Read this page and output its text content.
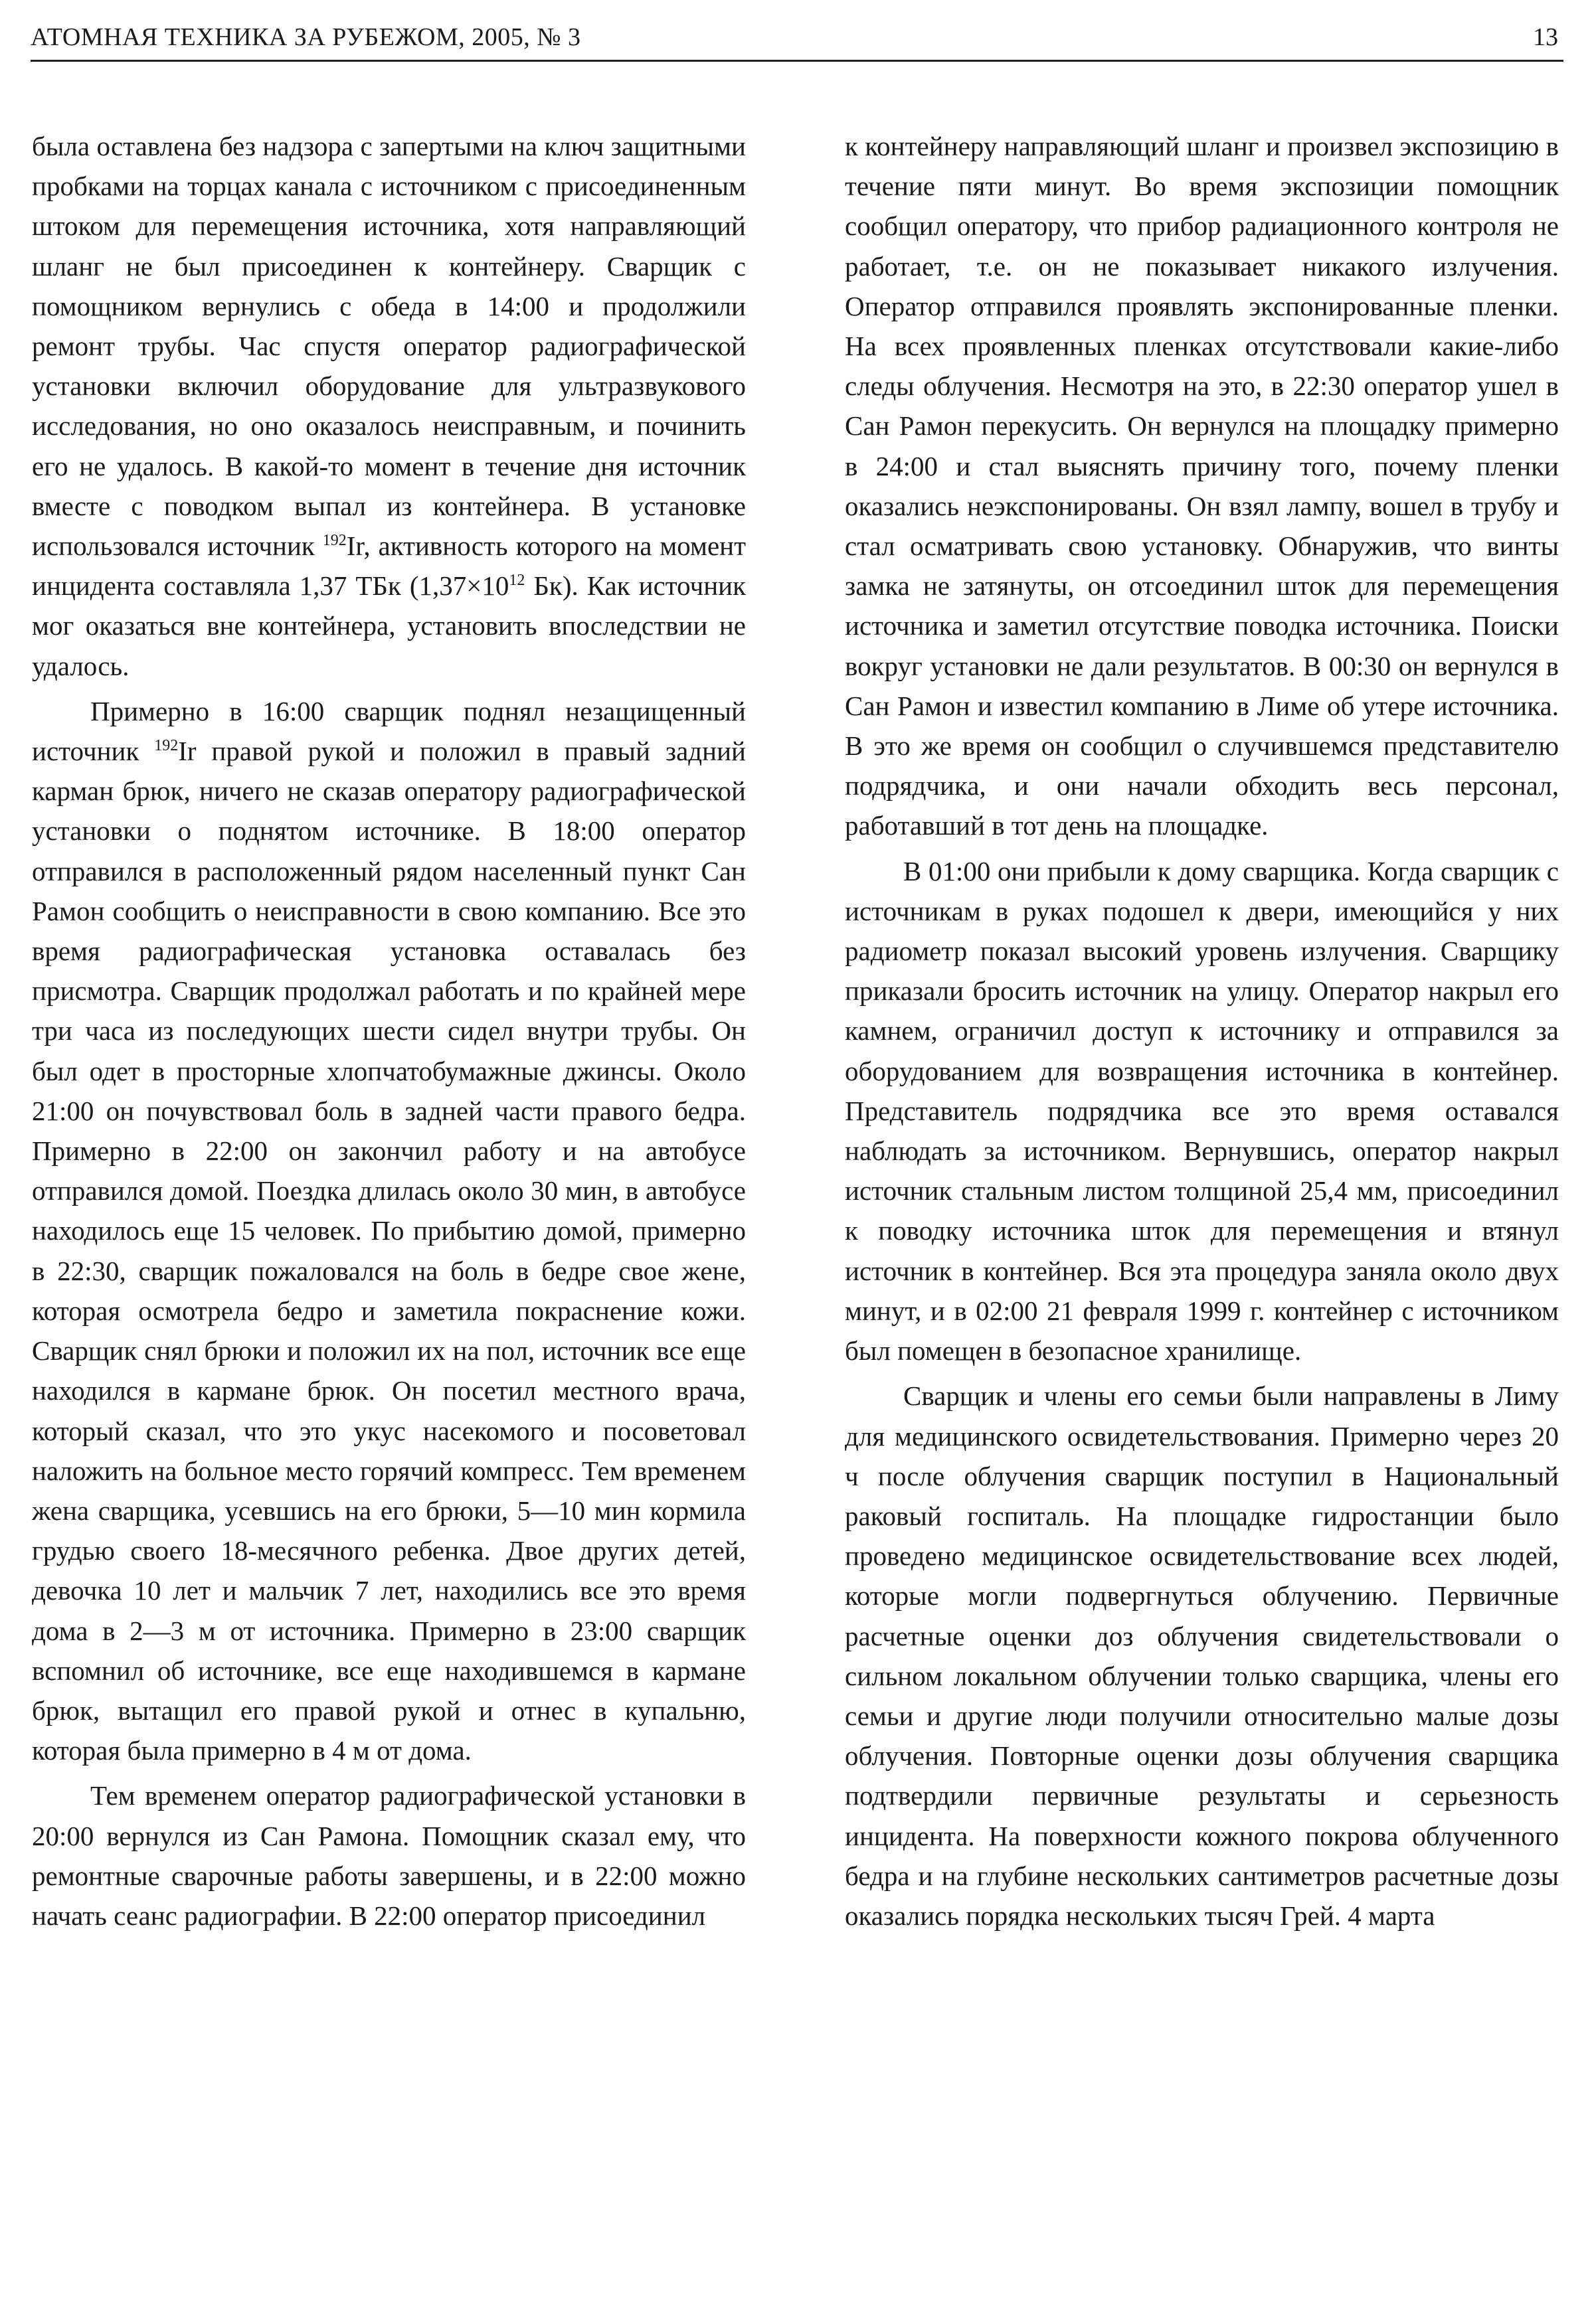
АТОМНАЯ ТЕХНИКА ЗА РУБЕЖОМ, 2005, № 3	13

была оставлена без надзора с запертыми на ключ защитными пробками на торцах канала с источником с присоединенным штоком для перемещения источника, хотя направляющий шланг не был присоединен к контейнеру. Сварщик с помощником вернулись с обеда в 14:00 и продолжили ремонт трубы. Час спустя оператор радиографической установки включил оборудование для ультразвукового исследования, но оно оказалось неисправным, и починить его не удалось. В какой-то момент в течение дня источник вместе с поводком выпал из контейнера. В установке использовался источник $^{192}$Ir, активность которого на момент инцидента составляла 1,37 ТБк ($1,37\times 10^{12}$ Бк). Как источник мог оказаться вне контейнера, установить впоследствии не удалось.

Примерно в 16:00 сварщик поднял незащищенный источник $^{192}$Ir правой рукой и положил в правый задний карман брюк, ничего не сказав оператору радиографической установки о поднятом источнике. В 18:00 оператор отправился в расположенный рядом населенный пункт Сан Рамон сообщить о неисправности в свою компанию. Все это время радиографическая установка оставалась без присмотра. Сварщик продолжал работать и по крайней мере три часа из последующих шести сидел внутри трубы. Он был одет в просторные хлопчатобумажные джинсы. Около 21:00 он почувствовал боль в задней части правого бедра. Примерно в 22:00 он закончил работу и на автобусе отправился домой. Поездка длилась около 30 мин, в автобусе находилось еще 15 человек. По прибытию домой, примерно в 22:30, сварщик пожаловался на боль в бедре свое жене, которая осмотрела бедро и заметила покраснение кожи. Сварщик снял брюки и положил их на пол, источник все еще находился в кармане брюк. Он посетил местного врача, который сказал, что это укус насекомого и посоветовал наложить на больное место горячий компресс. Тем временем жена сварщика, усевшись на его брюки, 5—10 мин кормила грудью своего 18-месячного ребенка. Двое других детей, девочка 10 лет и мальчик 7 лет, находились все это время дома в 2—3 м от источника. Примерно в 23:00 сварщик вспомнил об источнике, все еще находившемся в кармане брюк, вытащил его правой рукой и отнес в купальню, которая была примерно в 4 м от дома.

Тем временем оператор радиографической установки в 20:00 вернулся из Сан Рамона. Помощник сказал ему, что ремонтные сварочные работы завершены, и в 22:00 можно начать сеанс радиографии. В 22:00 оператор присоединил

к контейнеру направляющий шланг и произвел экспозицию в течение пяти минут. Во время экспозиции помощник сообщил оператору, что прибор радиационного контроля не работает, т.е. он не показывает никакого излучения. Оператор отправился проявлять экспонированные пленки. На всех проявленных пленках отсутствовали какие-либо следы облучения. Несмотря на это, в 22:30 оператор ушел в Сан Рамон перекусить. Он вернулся на площадку примерно в 24:00 и стал выяснять причину того, почему пленки оказались неэкспонированы. Он взял лампу, вошел в трубу и стал осматривать свою установку. Обнаружив, что винты замка не затянуты, он отсоединил шток для перемещения источника и заметил отсутствие поводка источника. Поиски вокруг установки не дали результатов. В 00:30 он вернулся в Сан Рамон и известил компанию в Лиме об утере источника. В это же время он сообщил о случившемся представителю подрядчика, и они начали обходить весь персонал, работавший в тот день на площадке.

В 01:00 они прибыли к дому сварщика. Когда сварщик с источникам в руках подошел к двери, имеющийся у них радиометр показал высокий уровень излучения. Сварщику приказали бросить источник на улицу. Оператор накрыл его камнем, ограничил доступ к источнику и отправился за оборудованием для возвращения источника в контейнер. Представитель подрядчика все это время оставался наблюдать за источником. Вернувшись, оператор накрыл источник стальным листом толщиной 25,4 мм, присоединил к поводку источника шток для перемещения и втянул источник в контейнер. Вся эта процедура заняла около двух минут, и в 02:00 21 февраля 1999 г. контейнер с источником был помещен в безопасное хранилище.

Сварщик и члены его семьи были направлены в Лиму для медицинского освидетельствования. Примерно через 20 ч после облучения сварщик поступил в Национальный раковый госпиталь. На площадке гидростанции было проведено медицинское освидетельствование всех людей, которые могли подвергнуться облучению. Первичные расчетные оценки доз облучения свидетельствовали о сильном локальном облучении только сварщика, члены его семьи и другие люди получили относительно малые дозы облучения. Повторные оценки дозы облучения сварщика подтвердили первичные результаты и серьезность инцидента. На поверхности кожного покрова облученного бедра и на глубине нескольких сантиметров расчетные дозы оказались порядка нескольких тысяч Грей. 4 марта
